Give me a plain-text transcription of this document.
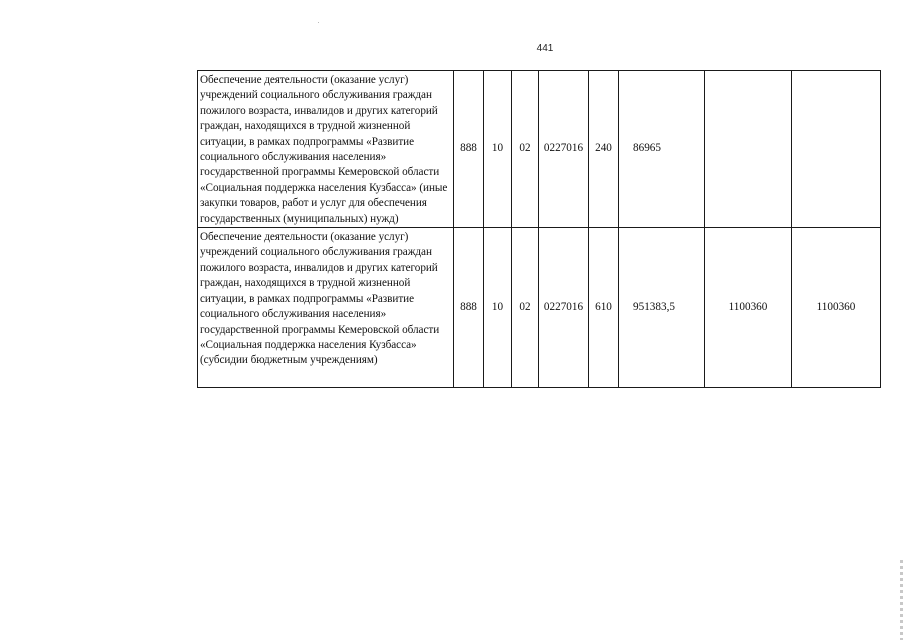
441
Обеспечение деятельности (оказание услуг) учреждений социального обслуживания граждан пожилого возраста, инвалидов и других категорий граждан, находящихся в трудной жизненной ситуации, в рамках подпрограммы «Развитие социального обслуживания населения» государственной программы Кемеровской области «Социальная поддержка населения Кузбасса» (иные закупки товаров, работ и услуг для обеспечения государственных (муниципальных) нужд)	888	10	02	0227016	240	86965		
Обеспечение деятельности (оказание услуг) учреждений социального обслуживания граждан пожилого возраста, инвалидов и других категорий граждан, находящихся в трудной жизненной ситуации, в рамках подпрограммы «Развитие социального обслуживания населения» государственной программы Кемеровской области «Социальная поддержка населения Кузбасса» (субсидии бюджетным учреждениям)	888	10	02	0227016	610	951383,5	1100360	1100360
